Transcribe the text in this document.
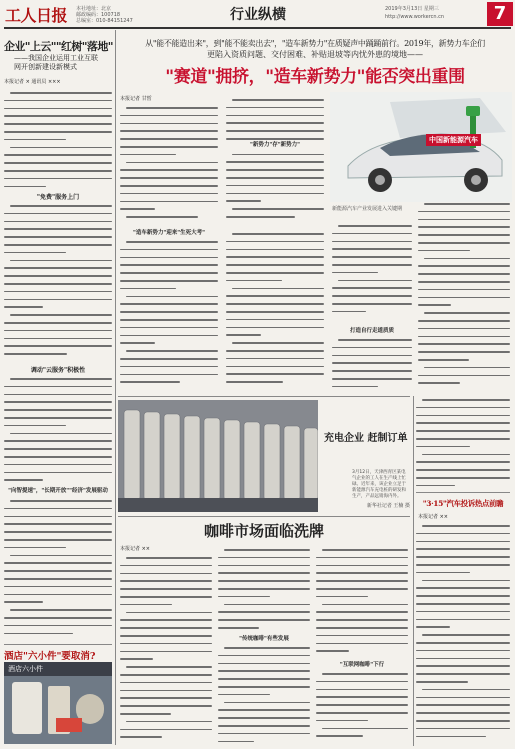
工人日报 本社地址：北京
邮政编码：100718
总编室：010-84151247	行业纵横	2019年3月13日 星期三
http://www.workercn.cn	7
企业"上云""红树"落地"
——我国企业运用工业互联
网开创新建设新模式
本报记者 × 通讯员 ×××
"免费"服务上门
调动"云服务"积极性
"向智提速"，"长期开放""经济"发展驱动
酒店"六小件"要取消?
酒店六小件
从"能不能造出来"，到"能不能卖出去"，"造车新势力"在质疑声中踊踊前行。2019年，新势力车企们
更陷入资质问题、交付困难、补贴退坡等内忧外患的境地——
"赛道"拥挤，"造车新势力"能否突出重围
本报记者 甘皙
"造车新势力"迎来"生死大考"
"新势力"存"新势力"
打造自行走道质质
中国新能源汽车
新能源汽车产业发展进入关键期
充电企业 赶制订单
3月12日，天津西青区某电气企业的工人在生产线上忙碌。近年来，该企业立足于新能源汽车充电桩的研发和生产，产品远销海内外。
新华社记者 王楠 摄	"3·15"汽车投诉热点前瞻
本报记者 ××
咖啡市场面临洗牌
本报记者 ××
"传统咖啡"有些发展
"互联网咖啡"下行
